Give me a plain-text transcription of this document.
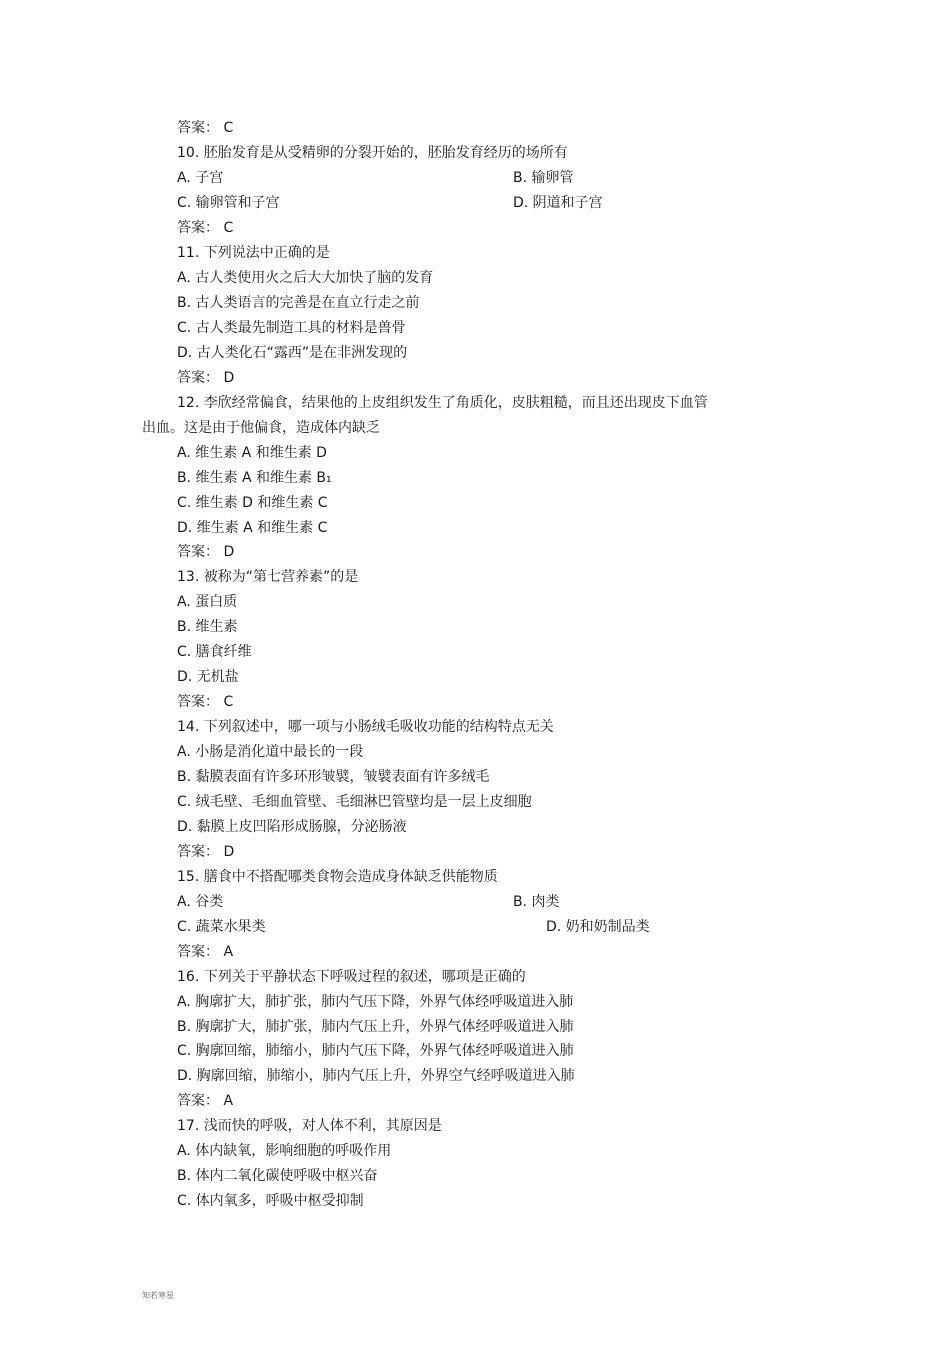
答案： C
10. 胚胎发育是从受精卵的分裂开始的，胚胎发育经历的场所有
A. 子宫	B. 输卵管
C. 输卵管和子宫	D. 阴道和子宫
答案： C
11. 下列说法中正确的是
A. 古人类使用火之后大大加快了脑的发育
B. 古人类语言的完善是在直立行走之前
C. 古人类最先制造工具的材料是兽骨
D. 古人类化石“露西”是在非洲发现的
答案： D
12. 李欣经常偏食，结果他的上皮组织发生了角质化，皮肤粗糙，而且还出现皮下血管
出血。这是由于他偏食，造成体内缺乏
A. 维生素 A 和维生素 D
B. 维生素 A 和维生素 B₁
C. 维生素 D 和维生素 C
D. 维生素 A 和维生素 C
答案： D
13. 被称为“第七营养素”的是
A. 蛋白质
B. 维生素
C. 膳食纤维
D. 无机盐
答案： C
14. 下列叙述中，哪一项与小肠绒毛吸收功能的结构特点无关
A. 小肠是消化道中最长的一段
B. 黏膜表面有许多环形皱襞，皱襞表面有许多绒毛
C. 绒毛壁、毛细血管壁、毛细淋巴管壁均是一层上皮细胞
D. 黏膜上皮凹陷形成肠腺，分泌肠液
答案： D
15. 膳食中不搭配哪类食物会造成身体缺乏供能物质
A. 谷类	B. 肉类
C. 蔬菜水果类	D. 奶和奶制品类
答案： A
16. 下列关于平静状态下呼吸过程的叙述，哪项是正确的
A. 胸廓扩大，肺扩张，肺内气压下降，外界气体经呼吸道进入肺
B. 胸廓扩大，肺扩张，肺内气压上升，外界气体经呼吸道进入肺
C. 胸廓回缩，肺缩小，肺内气压下降，外界气体经呼吸道进入肺
D. 胸廓回缩，肺缩小，肺内气压上升，外界空气经呼吸道进入肺
答案： A
17. 浅而快的呼吸，对人体不利，其原因是
A. 体内缺氧，影响细胞的呼吸作用
B. 体内二氧化碳使呼吸中枢兴奋
C. 体内氧多，呼吸中枢受抑制
知若寒星
